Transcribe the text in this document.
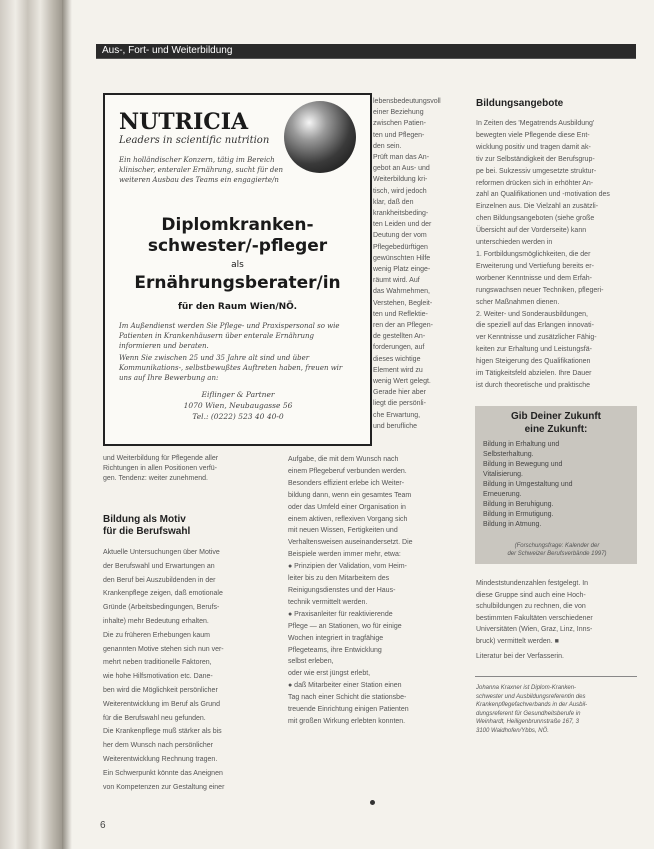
Aus-, Fort- und Weiterbildung
NUTRICIA
Leaders in scientific nutrition
Ein holländischer Konzern, tätig im Bereich klinischer, enteraler Ernährung, sucht für den weiteren Ausbau des Teams ein engagierte/n
Diplomkranken-
schwester/-pfleger
als
Ernährungsberater/in
für den Raum Wien/NÖ.
Im Außendienst werden Sie Pflege- und Praxispersonal so wie Patienten in Krankenhäusern über enterale Ernährung informieren und beraten.
Wenn Sie zwischen 25 und 35 Jahre alt sind und über Kommunikations-, selbstbewußtes Auftreten haben, freuen wir uns auf Ihre Bewerbung an:
Eiflinger & Partner
1070 Wien, Neubaugasse 56
Tel.: (0222) 523 40 40-0
lebensbedeutungsvoll
einer Beziehung
zwischen Patien-
ten und Pflegen-
den sein.
Prüft man das An-
gebot an Aus- und
Weiterbildung kri-
tisch, wird jedoch
klar, daß den
krankheitsbeding-
ten Leiden und der
Deutung der vom
Pflegebedürftigen
gewünschten Hilfe
wenig Platz einge-
räumt wird. Auf
das Wahrnehmen,
Verstehen, Begleit-
ten und Reflektie-
ren der an Pflegen-
de gestellten An-
forderungen, auf
dieses wichtige
Element wird zu
wenig Wert gelegt.
Gerade hier aber
liegt die persönli-
che Erwartung,
und berufliche
und Weiterbildung für Pflegende aller
Richtungen in allen Positionen verfü-
gen. Tendenz: weiter zunehmend.
Bildung als Motiv
für die Berufswahl
Aktuelle Untersuchungen über Motive
der Berufswahl und Erwartungen an
den Beruf bei Auszubildenden in der
Krankenpflege zeigen, daß emotionale
Gründe (Arbeitsbedingungen, Berufs-
inhalte) mehr Bedeutung erhalten.
Die zu früheren Erhebungen kaum
genannten Motive stehen sich nun ver-
mehrt neben traditionelle Faktoren,
wie hohe Hilfsmotivation etc. Dane-
ben wird die Möglichkeit persönlicher
Weiterentwicklung im Beruf als Grund
für die Berufswahl neu gefunden.
Die Krankenpflege muß stärker als bis
her dem Wunsch nach persönlicher
Weiterentwicklung Rechnung tragen.
Ein Schwerpunkt könnte das Aneignen
von Kompetenzen zur Gestaltung einer
Aufgabe, die mit dem Wunsch nach
einem Pflegeberuf verbunden werden.
Besonders effizient erlebe ich Weiter-
bildung dann, wenn ein gesamtes Team
oder das Umfeld einer Organisation in
einem aktiven, reflexiven Vorgang sich
mit neuen Wissen, Fertigkeiten und
Verhaltensweisen auseinandersetzt. Die
Beispiele werden immer mehr, etwa:
● Prinzipien der Validation, vom Heim-
leiter bis zu den Mitarbeitern des
Reinigungsdienstes und der Haus-
technik vermittelt werden.
● Praxisanleiter für reaktivierende
Pflege — an Stationen, wo für einige
Wochen integriert in tragfähige
Pflegeteams, ihre Entwicklung
selbst erleben,
oder wie erst jüngst erlebt,
● daß Mitarbeiter einer Station einen
Tag nach einer Schicht die stationsbe-
treuende Einrichtung einigen Patienten
mit großen Wirkung erlebten konnten.
Bildungsangebote
In Zeiten des 'Megatrends Ausbildung'
bewegten viele Pflegende diese Ent-
wicklung positiv und tragen damit ak-
tiv zur Selbständigkeit der Berufsgrup-
pe bei. Sukzessiv umgesetzte struktur-
reformen drücken sich in erhöhter An-
zahl an Qualifikationen und -motivation des
Einzelnen aus. Die Vielzahl an zusätzli-
chen Bildungsangeboten (siehe große
Übersicht auf der Vorderseite) kann
unterschieden werden in
1. Fortbildungsmöglichkeiten, die der
Erweiterung und Vertiefung bereits er-
worbener Kenntnisse und dem Erfah-
rungswachsen neuer Techniken, pflegeri-
scher Maßnahmen dienen.
2. Weiter- und Sonderausbildungen,
die speziell auf das Erlangen innovati-
ver Kenntnisse und zusätzlicher Fähig-
keiten zur Erhaltung und Leistungsfä-
higen Steigerung des Qualifikationen
im Tätigkeitsfeld abzielen. Ihre Dauer
ist durch theoretische und praktische
Gib Deiner Zukunft
eine Zukunft:
Bildung in Erhaltung und
Selbsterhaltung.
Bildung in Bewegung und
Vitalisierung.
Bildung in Umgestaltung und
Erneuerung.
Bildung in Beruhigung.
Bildung in Ermutigung.
Bildung in Atmung.
(Forschungsfrage: Kalender der
der Schweizer Berufsverbände 1997)
Mindeststundenzahlen festgelegt. In
diese Gruppe sind auch eine Hoch-
schulbildungen zu rechnen, die von
bestimmten Fakultäten verschiedener
Universitäten (Wien, Graz, Linz, Inns-
bruck) vermittelt werden. ■
Literatur bei der Verfasserin.
Johanna Kraxner ist Diplom-Kranken-
schwester und Ausbildungsreferentin des
Krankenpflegefachverbands in der Ausbil-
dungsreferent für Gesundheitsberufe in
Weinhardt, Heiligenbrunnstraße 167, 3
3100 Waidhofen/Ybbs, NÖ.
6
